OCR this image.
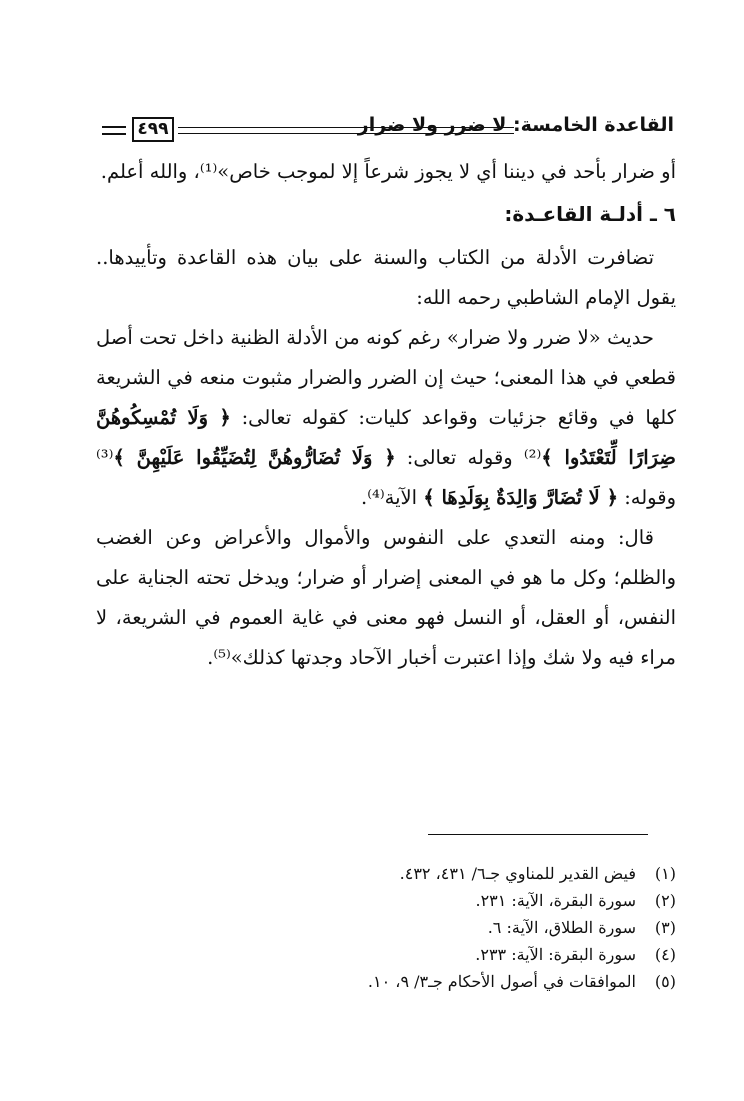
٤٩٩	القاعدة الخامسة: لا ضرر ولا ضرار

أو ضرار بأحد في ديننا أي لا يجوز شرعاً إلا لموجب خاص»⁽¹⁾، والله أعلم.

٦ ـ أدلـة القاعـدة:

تضافرت الأدلة من الكتاب والسنة على بيان هذه القاعدة وتأييدها.. يقول الإمام الشاطبي رحمه الله:

حديث «لا ضرر ولا ضرار» رغم كونه من الأدلة الظنية داخل تحت أصل قطعي في هذا المعنى؛ حيث إن الضرر والضرار مثبوت منعه في الشريعة كلها في وقائع جزئيات وقواعد كليات: كقوله تعالى: ﴿ وَلَا تُمْسِكُوهُنَّ ضِرَارًا لِّتَعْتَدُوا ﴾⁽²⁾ وقوله تعالى: ﴿ وَلَا تُضَارُّوهُنَّ لِتُضَيِّقُوا عَلَيْهِنَّ ﴾⁽³⁾ وقوله: ﴿ لَا تُضَارَّ وَالِدَةٌ بِوَلَدِهَا ﴾ الآية⁽⁴⁾.

قال: ومنه التعدي على النفوس والأموال والأعراض وعن الغضب والظلم؛ وكل ما هو في المعنى إضرار أو ضرار؛ ويدخل تحته الجناية على النفس، أو العقل، أو النسل فهو معنى في غاية العموم في الشريعة، لا مراء فيه ولا شك وإذا اعتبرت أخبار الآحاد وجدتها كذلك»⁽⁵⁾.

(١)فيض القدير للمناوي جـ٦/ ٤٣١، ٤٣٢.
(٢)سورة البقرة، الآية: ٢٣١.
(٣)سورة الطلاق، الآية: ٦.
(٤)سورة البقرة: الآية: ٢٣٣.
(٥)الموافقات في أصول الأحكام جـ٣/ ٩، ١٠.
